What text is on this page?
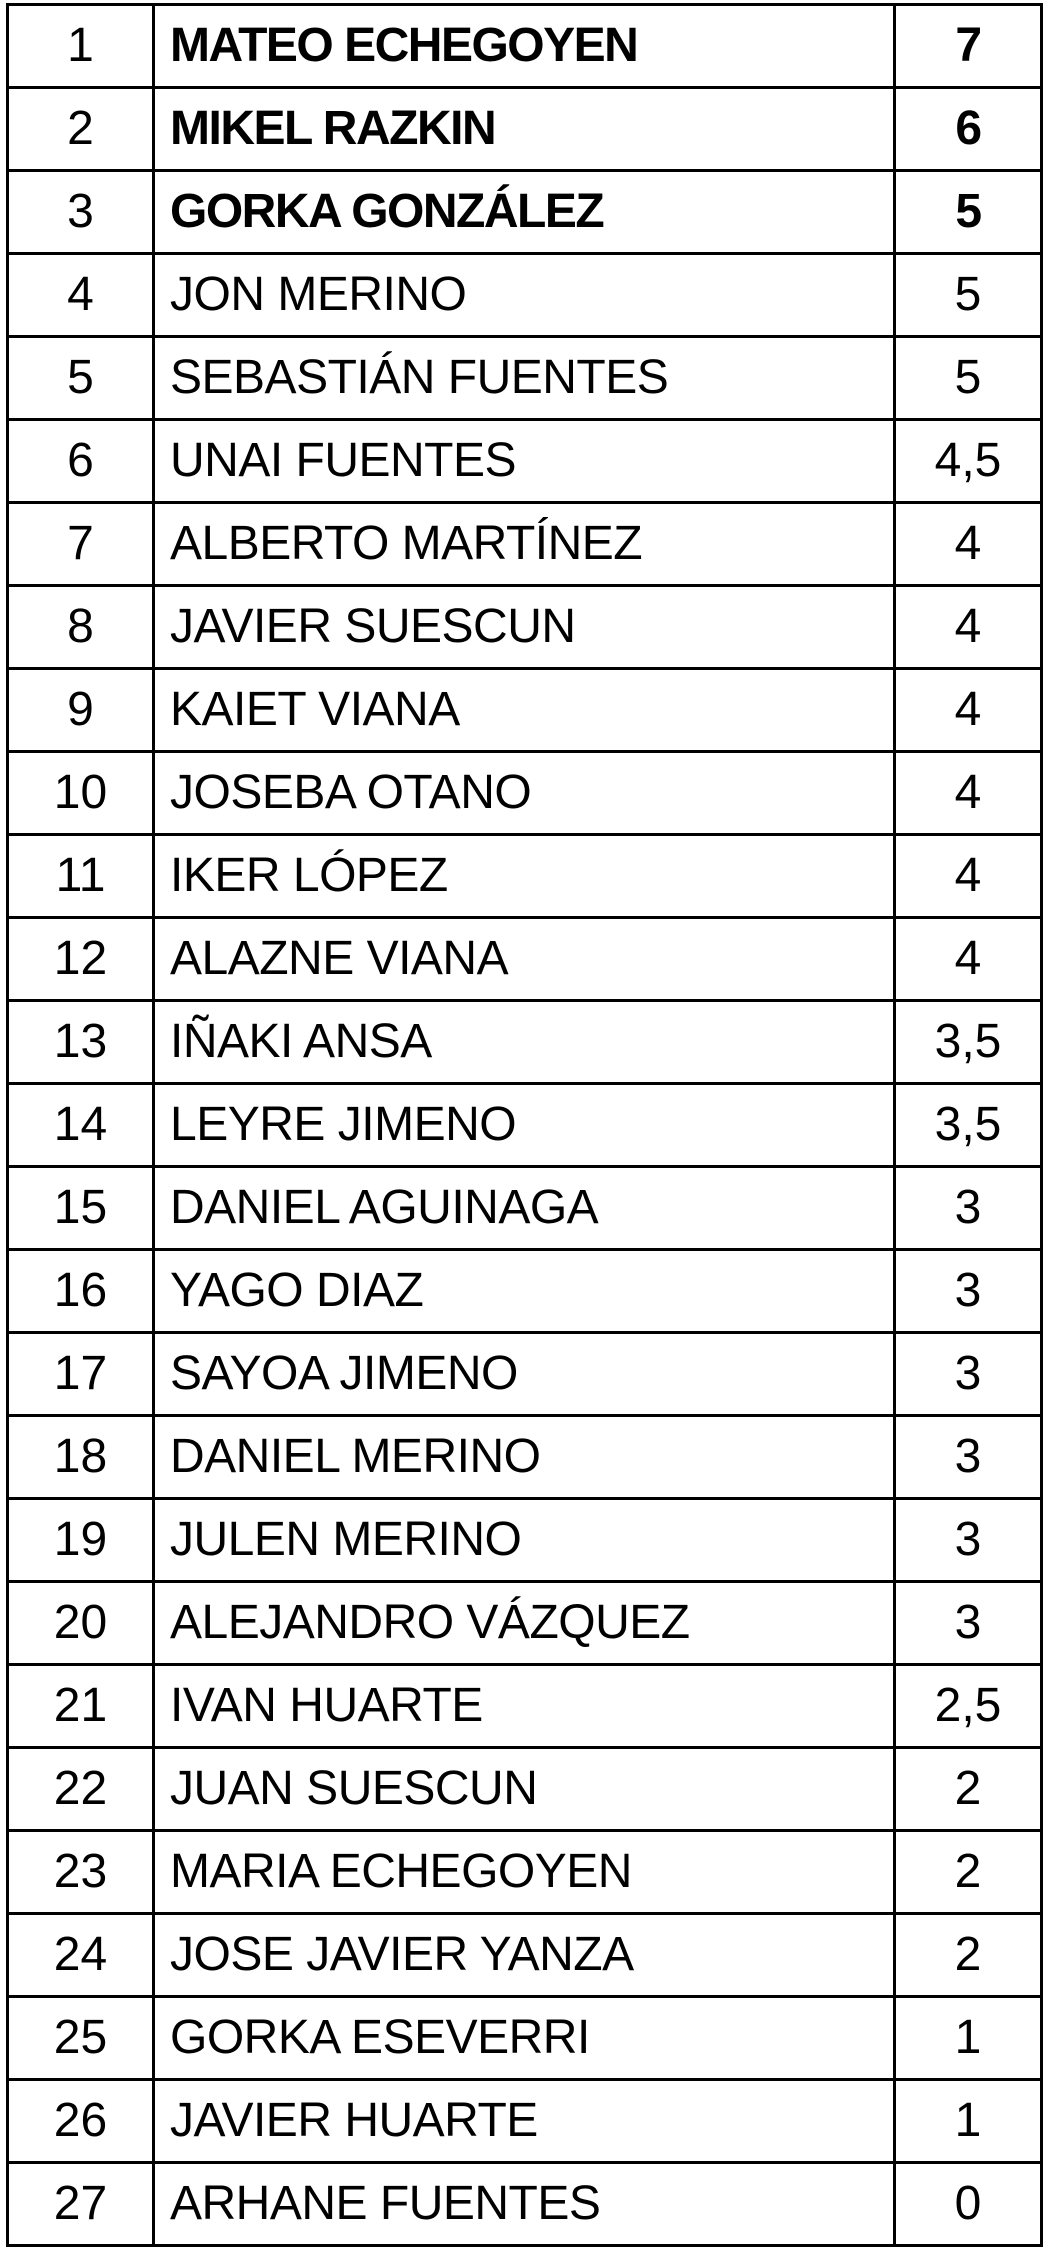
1	MATEO ECHEGOYEN	7
2	MIKEL RAZKIN	6
3	GORKA GONZÁLEZ	5
4	JON MERINO	5
5	SEBASTIÁN FUENTES	5
6	UNAI FUENTES	4,5
7	ALBERTO MARTÍNEZ	4
8	JAVIER SUESCUN	4
9	KAIET VIANA	4
10	JOSEBA OTANO	4
11	IKER LÓPEZ	4
12	ALAZNE VIANA	4
13	IÑAKI ANSA	3,5
14	LEYRE JIMENO	3,5
15	DANIEL AGUINAGA	3
16	YAGO DIAZ	3
17	SAYOA JIMENO	3
18	DANIEL MERINO	3
19	JULEN MERINO	3
20	ALEJANDRO VÁZQUEZ	3
21	IVAN HUARTE	2,5
22	JUAN SUESCUN	2
23	MARIA ECHEGOYEN	2
24	JOSE JAVIER YANZA	2
25	GORKA ESEVERRI	1
26	JAVIER HUARTE	1
27	ARHANE FUENTES	0
